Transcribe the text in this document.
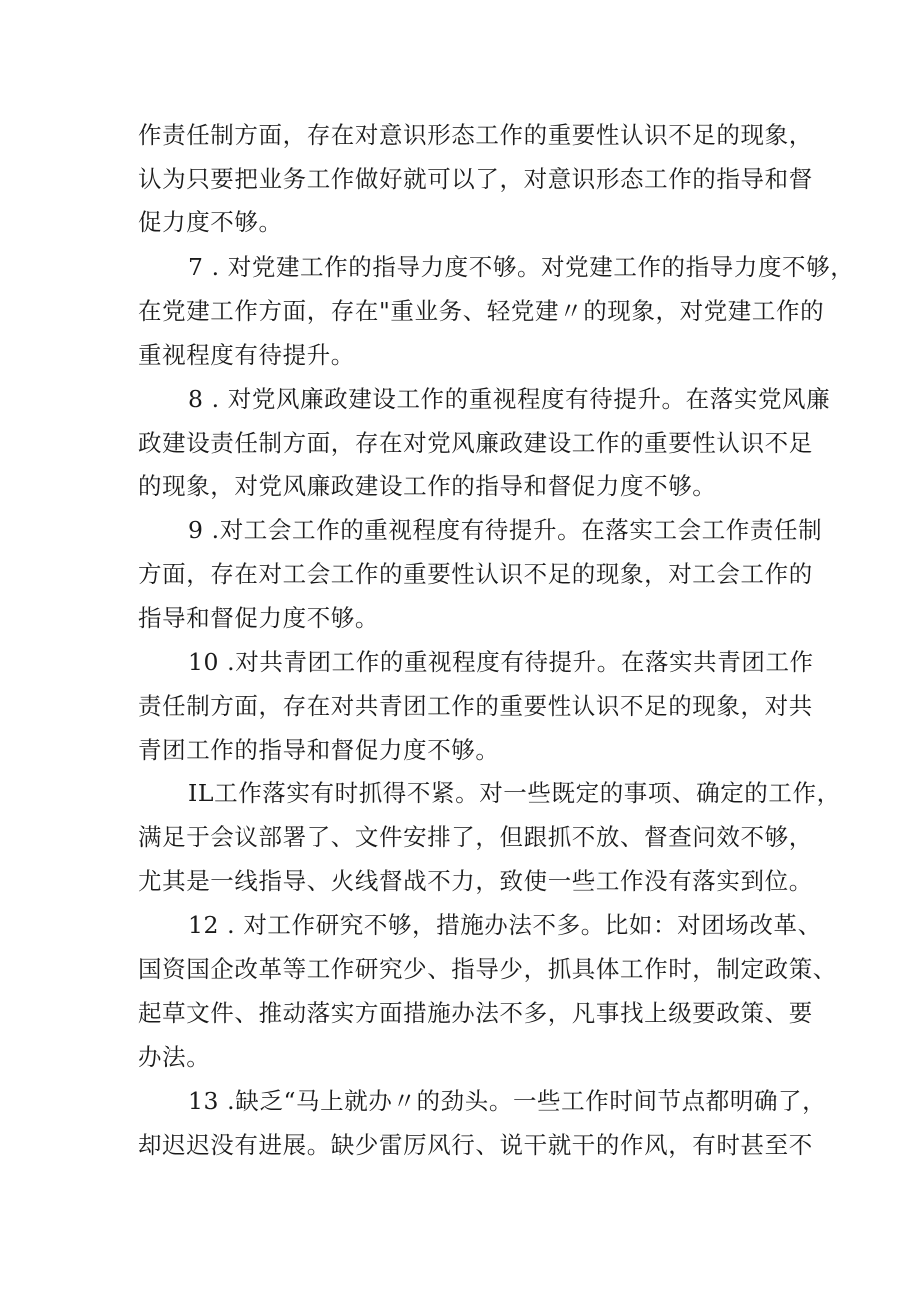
作责任制方面，存在对意识形态工作的重要性认识不足的现象，
认为只要把业务工作做好就可以了，对意识形态工作的指导和督
促力度不够。
7 . 对党建工作的指导力度不够。对党建工作的指导力度不够，
在党建工作方面，存在"重业务、轻党建〃的现象，对党建工作的
重视程度有待提升。
8 . 对党风廉政建设工作的重视程度有待提升。在落实党风廉
政建设责任制方面，存在对党风廉政建设工作的重要性认识不足
的现象，对党风廉政建设工作的指导和督促力度不够。
9 .对工会工作的重视程度有待提升。在落实工会工作责任制
方面，存在对工会工作的重要性认识不足的现象，对工会工作的
指导和督促力度不够。
10 .对共青团工作的重视程度有待提升。在落实共青团工作
责任制方面，存在对共青团工作的重要性认识不足的现象，对共
青团工作的指导和督促力度不够。
IL工作落实有时抓得不紧。对一些既定的事项、确定的工作，
满足于会议部署了、文件安排了，但跟抓不放、督查问效不够，
尤其是一线指导、火线督战不力，致使一些工作没有落实到位。
12 . 对工作研究不够，措施办法不多。比如：对团场改革、
国资国企改革等工作研究少、指导少，抓具体工作时，制定政策、
起草文件、推动落实方面措施办法不多，凡事找上级要政策、要
办法。
13 .缺乏“马上就办〃的劲头。一些工作时间节点都明确了，
却迟迟没有进展。缺少雷厉风行、说干就干的作风，有时甚至不
